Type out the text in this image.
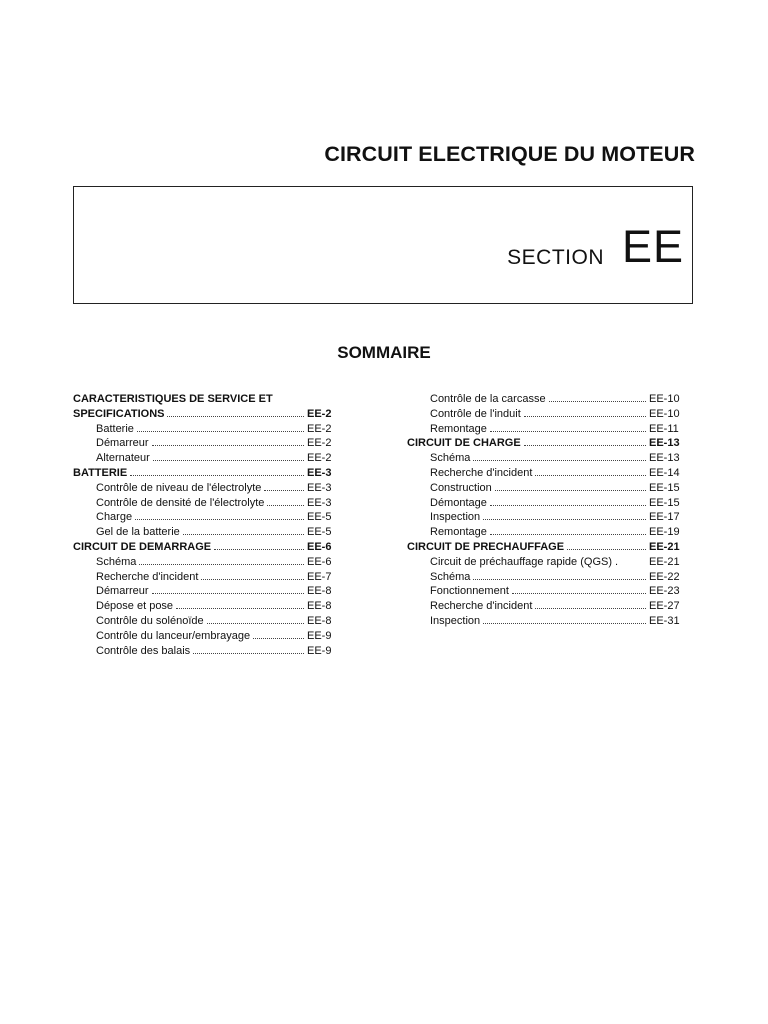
CIRCUIT ELECTRIQUE DU MOTEUR
SECTION EE
SOMMAIRE
CARACTERISTIQUES DE SERVICE ET
SPECIFICATIONS	EE-2
Batterie	EE-2
Démarreur	EE-2
Alternateur	EE-2
BATTERIE	EE-3
Contrôle de niveau de l'électrolyte	EE-3
Contrôle de densité de l'électrolyte	EE-3
Charge	EE-5
Gel de la batterie	EE-5
CIRCUIT DE DEMARRAGE	EE-6
Schéma	EE-6
Recherche d'incident	EE-7
Démarreur	EE-8
Dépose et pose	EE-8
Contrôle du solénoïde	EE-8
Contrôle du lanceur/embrayage	EE-9
Contrôle des balais	EE-9
Contrôle de la carcasse	EE-10
Contrôle de l'induit	EE-10
Remontage	EE-11
CIRCUIT DE CHARGE	EE-13
Schéma	EE-13
Recherche d'incident	EE-14
Construction	EE-15
Démontage	EE-15
Inspection	EE-17
Remontage	EE-19
CIRCUIT DE PRECHAUFFAGE	EE-21
Circuit de préchauffage rapide (QGS) .	EE-21
Schéma	EE-22
Fonctionnement	EE-23
Recherche d'incident	EE-27
Inspection	EE-31
